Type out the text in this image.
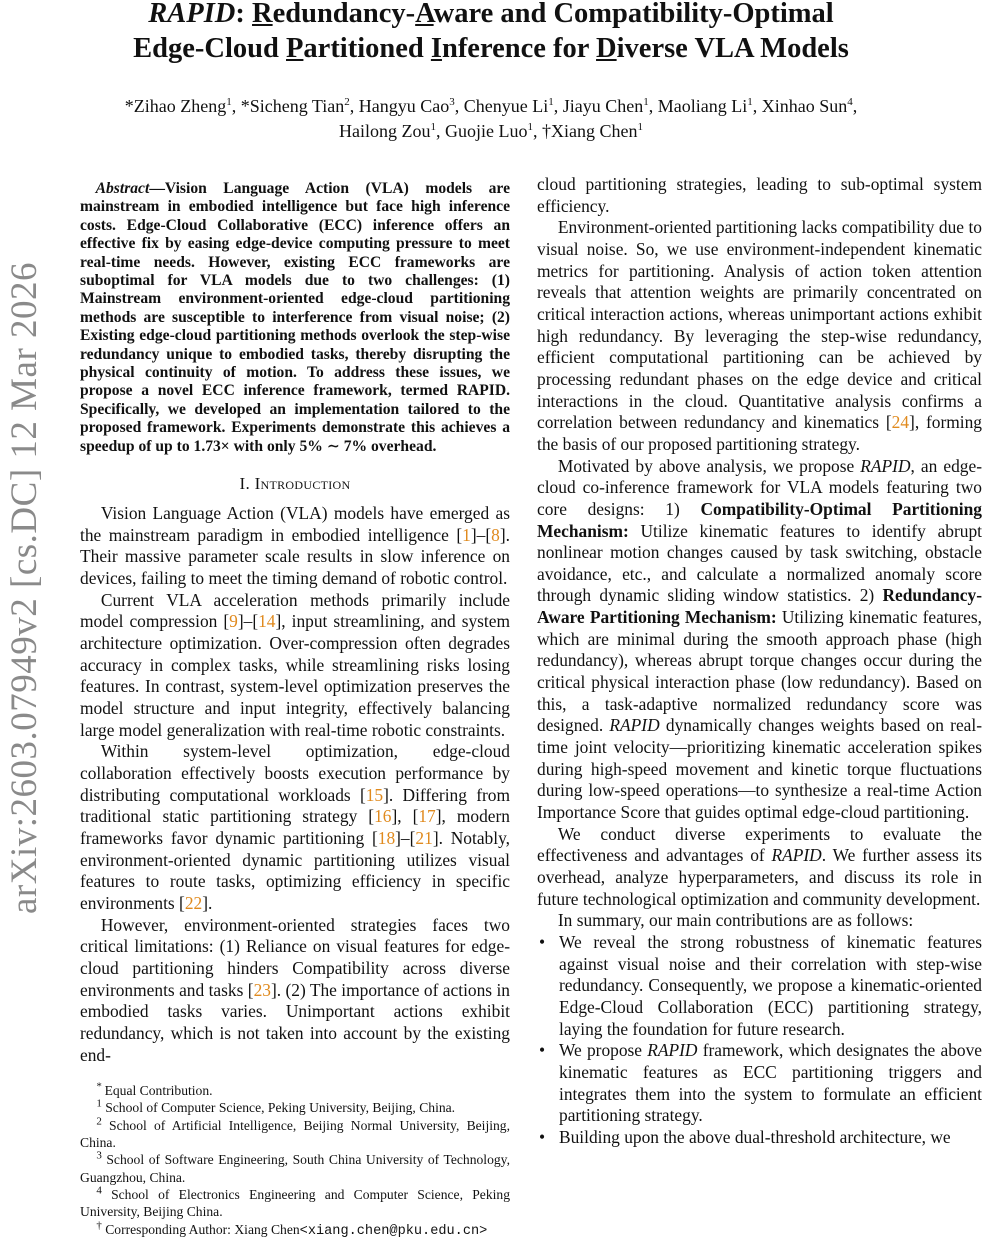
RAPID: Redundancy-Aware and Compatibility-Optimal
Edge-Cloud Partitioned Inference for Diverse VLA Models
*Zihao Zheng$^1$, *Sicheng Tian$^2$, Hangyu Cao$^3$, Chenyue Li$^1$, Jiayu Chen$^1$, Maoliang Li$^1$, Xinhao Sun$^4$,
Hailong Zou$^1$, Guojie Luo$^1$, †Xiang Chen$^1$
arXiv:2603.07949v2 [cs.DC] 12 Mar 2026

Abstract—Vision Language Action (VLA) models are mainstream in embodied intelligence but face high inference costs. Edge-Cloud Collaborative (ECC) inference offers an effective fix by easing edge-device computing pressure to meet real-time needs. However, existing ECC frameworks are suboptimal for VLA models due to two challenges: (1) Mainstream environment-oriented edge-cloud partitioning methods are susceptible to interference from visual noise; (2) Existing edge-cloud partitioning methods overlook the step-wise redundancy unique to embodied tasks, thereby disrupting the physical continuity of motion. To address these issues, we propose a novel ECC inference framework, termed RAPID. Specifically, we developed an implementation tailored to the proposed framework. Experiments demonstrate this achieves a speedup of up to 1.73× with only 5% ∼ 7% overhead.

I. Introduction

Vision Language Action (VLA) models have emerged as the mainstream paradigm in embodied intelligence [1]–[8]. Their massive parameter scale results in slow inference on devices, failing to meet the timing demand of robotic control.

Current VLA acceleration methods primarily include model compression [9]–[14], input streamlining, and system architecture optimization. Over-compression often degrades accuracy in complex tasks, while streamlining risks losing features. In contrast, system-level optimization preserves the model structure and input integrity, effectively balancing large model generalization with real-time robotic constraints.

Within system-level optimization, edge-cloud collaboration effectively boosts execution performance by distributing computational workloads [15]. Differing from traditional static partitioning strategy [16], [17], modern frameworks favor dynamic partitioning [18]–[21]. Notably, environment-oriented dynamic partitioning utilizes visual features to route tasks, optimizing efficiency in specific environments [22].

However, environment-oriented strategies faces two critical limitations: (1) Reliance on visual features for edge-cloud partitioning hinders Compatibility across diverse environments and tasks [23]. (2) The importance of actions in embodied tasks varies. Unimportant actions exhibit redundancy, which is not taken into account by the existing end-

* Equal Contribution.
$^1$ School of Computer Science, Peking University, Beijing, China.
$^2$ School of Artificial Intelligence, Beijing Normal University, Beijing, China.
$^3$ School of Software Engineering, South China University of Technology, Guangzhou, China.
$^4$ School of Electronics Engineering and Computer Science, Peking University, Beijing China.
† Corresponding Author: Xiang Chen<xiang.chen@pku.edu.cn>

cloud partitioning strategies, leading to sub-optimal system efficiency.

Environment-oriented partitioning lacks compatibility due to visual noise. So, we use environment-independent kinematic metrics for partitioning. Analysis of action token attention reveals that attention weights are primarily concentrated on critical interaction actions, whereas unimportant actions exhibit high redundancy. By leveraging the step-wise redundancy, efficient computational partitioning can be achieved by processing redundant phases on the edge device and critical interactions in the cloud. Quantitative analysis confirms a correlation between redundancy and kinematics [24], forming the basis of our proposed partitioning strategy.

Motivated by above analysis, we propose RAPID, an edge-cloud co-inference framework for VLA models featuring two core designs: 1) Compatibility-Optimal Partitioning Mechanism: Utilize kinematic features to identify abrupt nonlinear motion changes caused by task switching, obstacle avoidance, etc., and calculate a normalized anomaly score through dynamic sliding window statistics. 2) Redundancy-Aware Partitioning Mechanism: Utilizing kinematic features, which are minimal during the smooth approach phase (high redundancy), whereas abrupt torque changes occur during the critical physical interaction phase (low redundancy). Based on this, a task-adaptive normalized redundancy score was designed. RAPID dynamically changes weights based on real-time joint velocity—prioritizing kinematic acceleration spikes during high-speed movement and kinetic torque fluctuations during low-speed operations—to synthesize a real-time Action Importance Score that guides optimal edge-cloud partitioning.

We conduct diverse experiments to evaluate the effectiveness and advantages of RAPID. We further assess its overhead, analyze hyperparameters, and discuss its role in future technological optimization and community development.

In summary, our main contributions are as follows:

• We reveal the strong robustness of kinematic features against visual noise and their correlation with step-wise redundancy. Consequently, we propose a kinematic-oriented Edge-Cloud Collaboration (ECC) partitioning strategy, laying the foundation for future research.
• We propose RAPID framework, which designates the above kinematic features as ECC partitioning triggers and integrates them into the system to formulate an efficient partitioning strategy.
• Building upon the above dual-threshold architecture, we
